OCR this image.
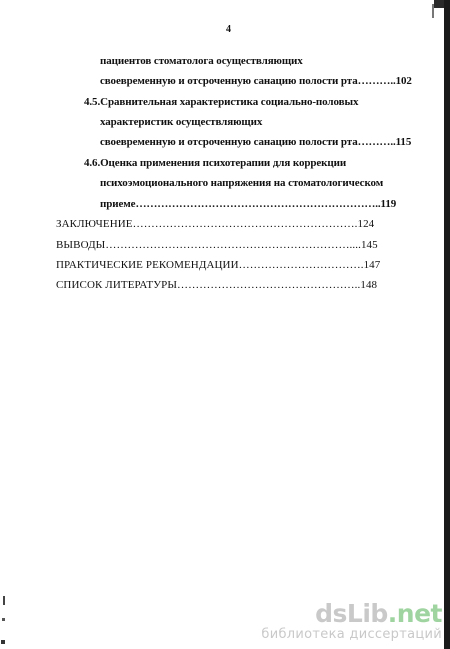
4
пациентов стоматолога осуществляющих
своевременную и отсроченную санацию полости рта………..102
4.5.Сравнительная характеристика социально-половых
характеристик осуществляющих
своевременную и отсроченную санацию полости рта………..115
4.6.Оценка применения психотерапии для коррекции
психоэмоционального напряжения на стоматологическом
приеме…………………………………………………………..119
ЗАКЛЮЧЕНИЕ…………………………………………………….124
ВЫВОДЫ…………………………………………………………....145
ПРАКТИЧЕСКИЕ РЕКОМЕНДАЦИИ…………………………….147
СПИСОК ЛИТЕРАТУРЫ…………………………………………..148
dsLib.net
библиотека диссертаций
